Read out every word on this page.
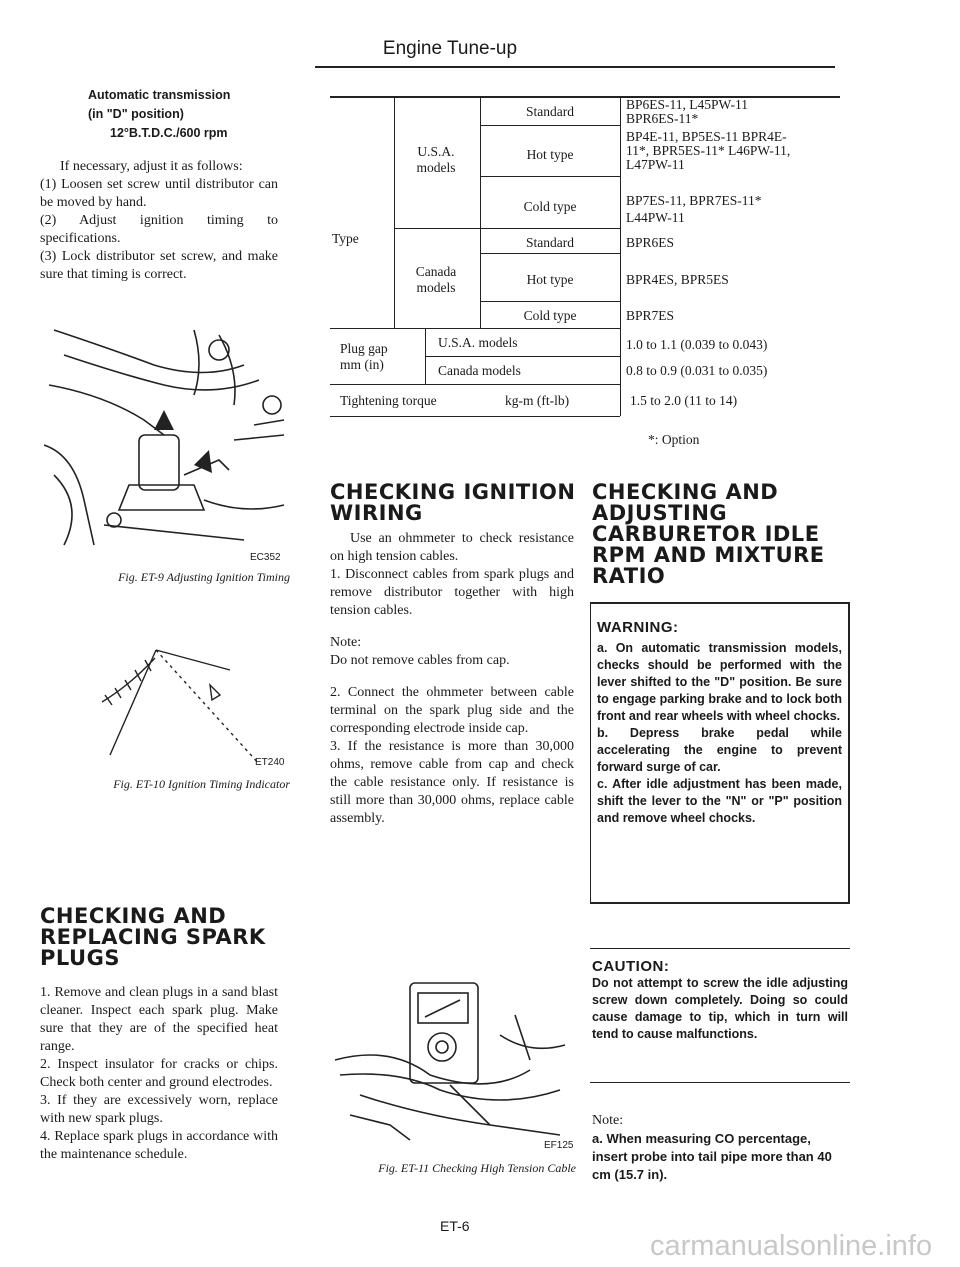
Engine Tune-up
Automatic transmission
(in "D" position)
12°B.T.D.C./600 rpm
If necessary, adjust it as follows:
(1) Loosen set screw until distributor can be moved by hand.
(2) Adjust ignition timing to specifications.
(3) Lock distributor set screw, and make sure that timing is correct.
EC352
Fig. ET-9 Adjusting Ignition Timing
ET240
Fig. ET-10 Ignition Timing Indicator
CHECKING AND
REPLACING SPARK
PLUGS
1. Remove and clean plugs in a sand blast cleaner. Inspect each spark plug. Make sure that they are of the specified heat range.
2. Inspect insulator for cracks or chips. Check both center and ground electrodes.
3. If they are excessively worn, replace with new spark plugs.
4. Replace spark plugs in accordance with the maintenance schedule.
Type
U.S.A. models
Canada models
Standard
Hot type
Cold type
Standard
Hot type
Cold type
BP6ES-11, L45PW-11 BPR6ES-11*
BP4E-11, BP5ES-11 BPR4E-11*, BPR5ES-11* L46PW-11, L47PW-11
BP7ES-11, BPR7ES-11* L44PW-11
BPR6ES
BPR4ES, BPR5ES
BPR7ES
Plug gap mm (in)
U.S.A. models
Canada models
1.0 to 1.1 (0.039 to 0.043)
0.8 to 0.9 (0.031 to 0.035)
Tightening torque	kg-m (ft-lb)	1.5 to 2.0 (11 to 14)
*: Option
CHECKING IGNITION
WIRING
Use an ohmmeter to check resistance on high tension cables.
1. Disconnect cables from spark plugs and remove distributor together with high tension cables.
Note:
Do not remove cables from cap.
2. Connect the ohmmeter between cable terminal on the spark plug side and the corresponding electrode inside cap.
3. If the resistance is more than 30,000 ohms, remove cable from cap and check the cable resistance only. If resistance is still more than 30,000 ohms, replace cable assembly.
EF125
Fig. ET-11 Checking High Tension Cable
CHECKING AND
ADJUSTING
CARBURETOR IDLE
RPM AND MIXTURE
RATIO
WARNING:
a. On automatic transmission models, checks should be performed with the lever shifted to the "D" position. Be sure to engage parking brake and to lock both front and rear wheels with wheel chocks.
b. Depress brake pedal while accelerating the engine to prevent forward surge of car.
c. After idle adjustment has been made, shift the lever to the "N" or "P" position and remove wheel chocks.
CAUTION:
Do not attempt to screw the idle adjusting screw down completely. Doing so could cause damage to tip, which in turn will tend to cause malfunctions.
Note:
a. When measuring CO percentage, insert probe into tail pipe more than 40 cm (15.7 in).
ET-6
carmanualsonline.info
